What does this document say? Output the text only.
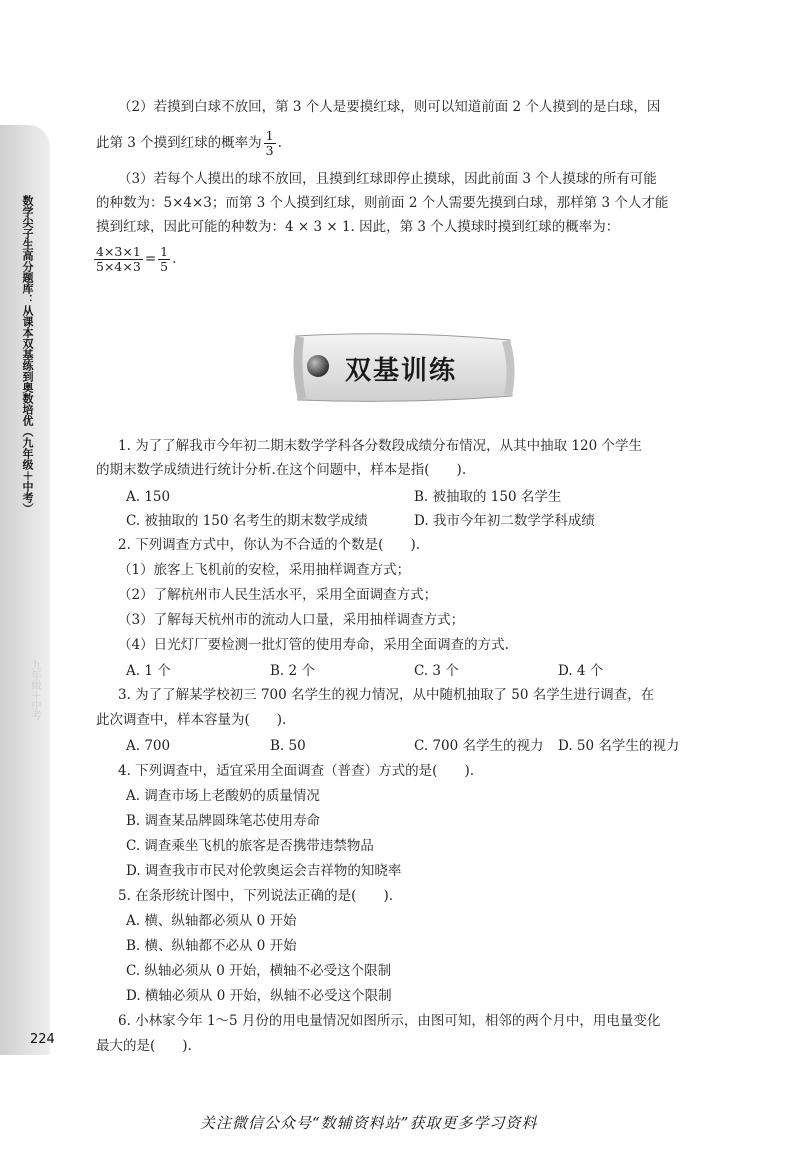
数学尖子生高分题库：从课本双基练到奥数培优（九年级＋中考）
九年级＋中考
224
（2）若摸到白球不放回，第 3 个人是要摸红球，则可以知道前面 2 个人摸到的是白球，因
此第 3 个摸到红球的概率为 $\frac{1}{3}$ .
（3）若每个人摸出的球不放回，且摸到红球即停止摸球，因此前面 3 个人摸球的所有可能
的种数为：5×4×3；而第 3 个人摸到红球，则前面 2 个人需要先摸到白球，那样第 3 个人才能
摸到红球，因此可能的种数为：4 × 3 × 1. 因此，第 3 个人摸球时摸到红球的概率为：
$\frac{4\times 3\times 1}{5\times 4\times 3} = \frac{1}{5}$ .
双基训练
1. 为了了解我市今年初二期末数学学科各分数段成绩分布情况，从其中抽取 120 个学生
的期末数学成绩进行统计分析.在这个问题中，样本是指(　　).
A. 150	B. 被抽取的 150 名学生
C. 被抽取的 150 名考生的期末数学成绩	D. 我市今年初二数学学科成绩
2. 下列调查方式中，你认为不合适的个数是(　　).
（1）旅客上飞机前的安检，采用抽样调查方式；
（2）了解杭州市人民生活水平，采用全面调查方式；
（3）了解每天杭州市的流动人口量，采用抽样调查方式；
（4）日光灯厂要检测一批灯管的使用寿命，采用全面调查的方式.
A. 1 个	B. 2 个	C. 3 个	D. 4 个
3. 为了了解某学校初三 700 名学生的视力情况，从中随机抽取了 50 名学生进行调查，在
此次调查中，样本容量为(　　).
A. 700	B. 50	C. 700 名学生的视力 D. 50 名学生的视力
4. 下列调查中，适宜采用全面调查（普查）方式的是(　　).
A. 调查市场上老酸奶的质量情况
B. 调查某品牌圆珠笔芯使用寿命
C. 调查乘坐飞机的旅客是否携带违禁物品
D. 调查我市市民对伦敦奥运会吉祥物的知晓率
5. 在条形统计图中，下列说法正确的是(　　).
A. 横、纵轴都必须从 0 开始
B. 横、纵轴都不必从 0 开始
C. 纵轴必须从 0 开始，横轴不必受这个限制
D. 横轴必须从 0 开始，纵轴不必受这个限制
6. 小林家今年 1～5 月份的用电量情况如图所示，由图可知，相邻的两个月中，用电量变化
最大的是(　　).
关注微信公众号“数辅资料站”获取更多学习资料
